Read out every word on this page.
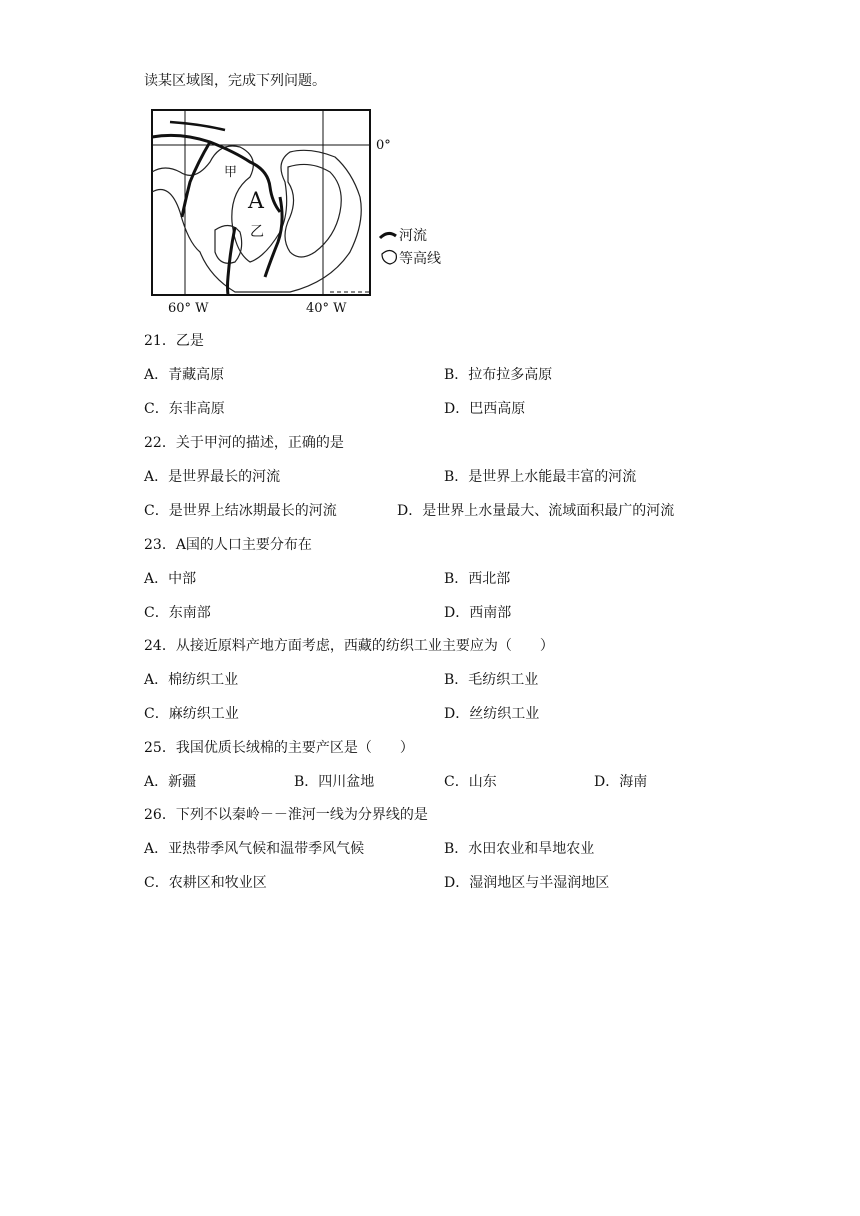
读某区域图，完成下列问题。
甲
A
乙
0°
60° W	40° W
河流
等高线
21．乙是
A．青藏高原	B．拉布拉多高原
C．东非高原	D．巴西高原
22．关于甲河的描述，正确的是
A．是世界最长的河流	B．是世界上水能最丰富的河流
C．是世界上结冰期最长的河流	D．是世界上水量最大、流域面积最广的河流
23．A国的人口主要分布在
A．中部	B．西北部
C．东南部	D．西南部
24．从接近原料产地方面考虑，西藏的纺织工业主要应为（　　）
A．棉纺织工业	B．毛纺织工业
C．麻纺织工业	D．丝纺织工业
25．我国优质长绒棉的主要产区是（　　）
A．新疆	B．四川盆地	C．山东	D．海南
26．下列不以秦岭－－淮河一线为分界线的是
A．亚热带季风气候和温带季风气候	B．水田农业和旱地农业
C．农耕区和牧业区	D．湿润地区与半湿润地区
